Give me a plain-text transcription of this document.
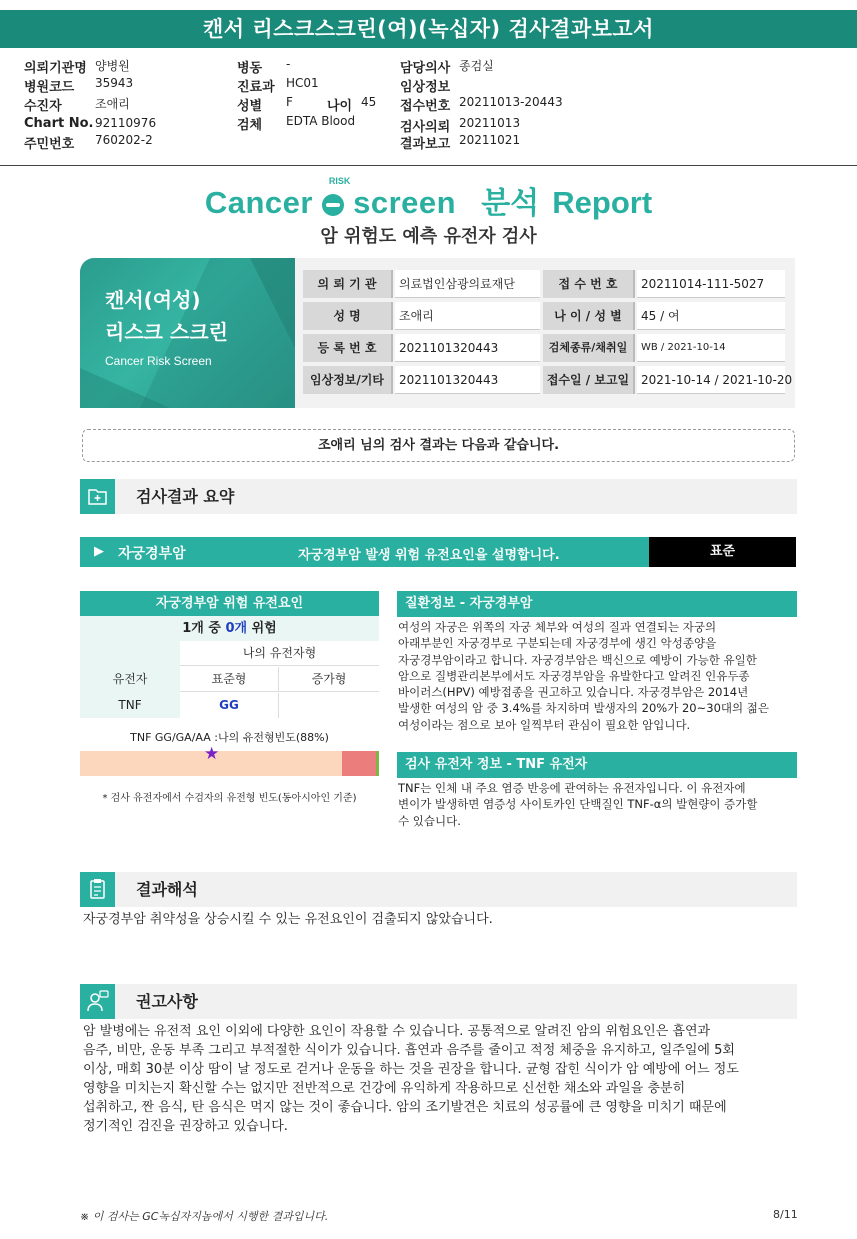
캔서 리스크스크린(여)(녹십자) 검사결과보고서
의뢰기관명 양병원
병원코드 35943
수진자	조애리
Chart No. 92110976
주민번호 760202-2
병동 -
진료과 HC01
성별 F	나이 45
검체 EDTA Blood
담당의사 종검실
임상정보
접수번호 20211013-20443
검사의뢰 20211013
결과보고 20211021
Cancer screen
RISK
분석 Report
암 위험도 예측 유전자 검사
캔서(여성)
리스크 스크린
Cancer Risk Screen
의 뢰 기 관	의료법인삼광의료재단	접 수 번 호	20211014-111-5027
성 명	조애리	나 이 / 성 별	45 / 여
등 록 번 호	2021101320443	검체종류/채취일	WB / 2021-10-14
임상정보/기타	2021101320443	접수일 / 보고일 2021-10-14 / 2021-10-20
조애리 님의 검사 결과는 다음과 같습니다.
검사결과 요약
▶ 자궁경부암	자궁경부암 발생 위험 유전요인을 설명합니다.	표준
자궁경부암 위험 유전요인
1개 중 0개 위험
나의 유전자형
유전자	표준형	증가형
TNF	GG
TNF GG/GA/AA :나의 유전형빈도(88%)
★
* 검사 유전자에서 수검자의 유전형 빈도(동아시아인 기준)
질환정보 - 자궁경부암
여성의 자궁은 위쪽의 자궁 체부와 여성의 질과 연결되는 자궁의
아래부분인 자궁경부로 구분되는데 자궁경부에 생긴 악성종양을
자궁경부암이라고 합니다. 자궁경부암은 백신으로 예방이 가능한 유일한
암으로 질병관리본부에서도 자궁경부암을 유발한다고 알려진 인유두종
바이러스(HPV) 예방접종을 권고하고 있습니다. 자궁경부암은 2014년
발생한 여성의 암 중 3.4%를 차지하며 발생자의 20%가 20~30대의 젊은
여성이라는 점으로 보아 일찍부터 관심이 필요한 암입니다.
검사 유전자 정보 - TNF 유전자
TNF는 인체 내 주요 염증 반응에 관여하는 유전자입니다. 이 유전자에
변이가 발생하면 염증성 사이토카인 단백질인 TNF-α의 발현량이 증가할
수 있습니다.
결과해석
자궁경부암 취약성을 상승시킬 수 있는 유전요인이 검출되지 않았습니다.
권고사항
암 발병에는 유전적 요인 이외에 다양한 요인이 작용할 수 있습니다. 공통적으로 알려진 암의 위험요인은 흡연과
음주, 비만, 운동 부족 그리고 부적절한 식이가 있습니다. 흡연과 음주를 줄이고 적정 체중을 유지하고, 일주일에 5회
이상, 매회 30분 이상 땀이 날 정도로 걷거나 운동을 하는 것을 권장을 합니다. 균형 잡힌 식이가 암 예방에 어느 정도
영향을 미치는지 확신할 수는 없지만 전반적으로 건강에 유익하게 작용하므로 신선한 채소와 과일을 충분히
섭취하고, 짠 음식, 탄 음식은 먹지 않는 것이 좋습니다. 암의 조기발견은 치료의 성공률에 큰 영향을 미치기 때문에
정기적인 검진을 권장하고 있습니다.
※ 이 검사는 GC녹십자지놈에서 시행한 결과입니다.	8/11
